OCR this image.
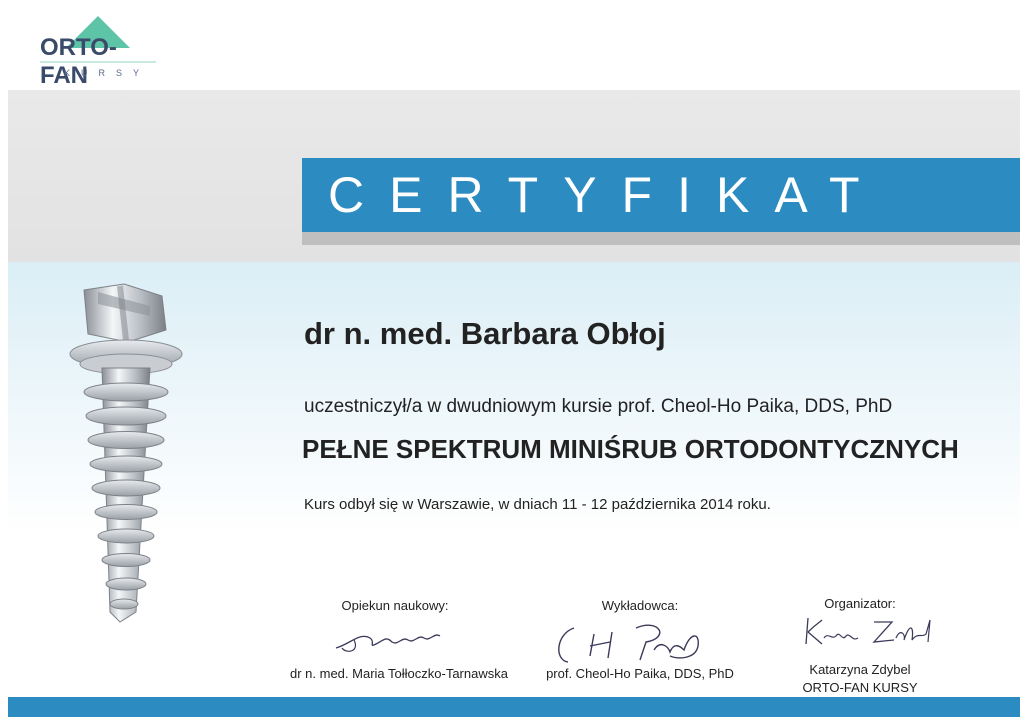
ORTO-FAN
KURSY
CERTYFIKAT
dr n. med. Barbara Obłoj
uczestniczył/a w dwudniowym kursie prof. Cheol-Ho Paika, DDS, PhD
PEŁNE SPEKTRUM MINIŚRUB ORTODONTYCZNYCH
Kurs odbył się w Warszawie, w dniach 11 - 12 października 2014 roku.
Opiekun naukowy:
dr n. med. Maria Tołłoczko-Tarnawska
Wykładowca:
prof. Cheol-Ho Paika, DDS, PhD
Organizator:
Katarzyna Zdybel
ORTO-FAN KURSY
